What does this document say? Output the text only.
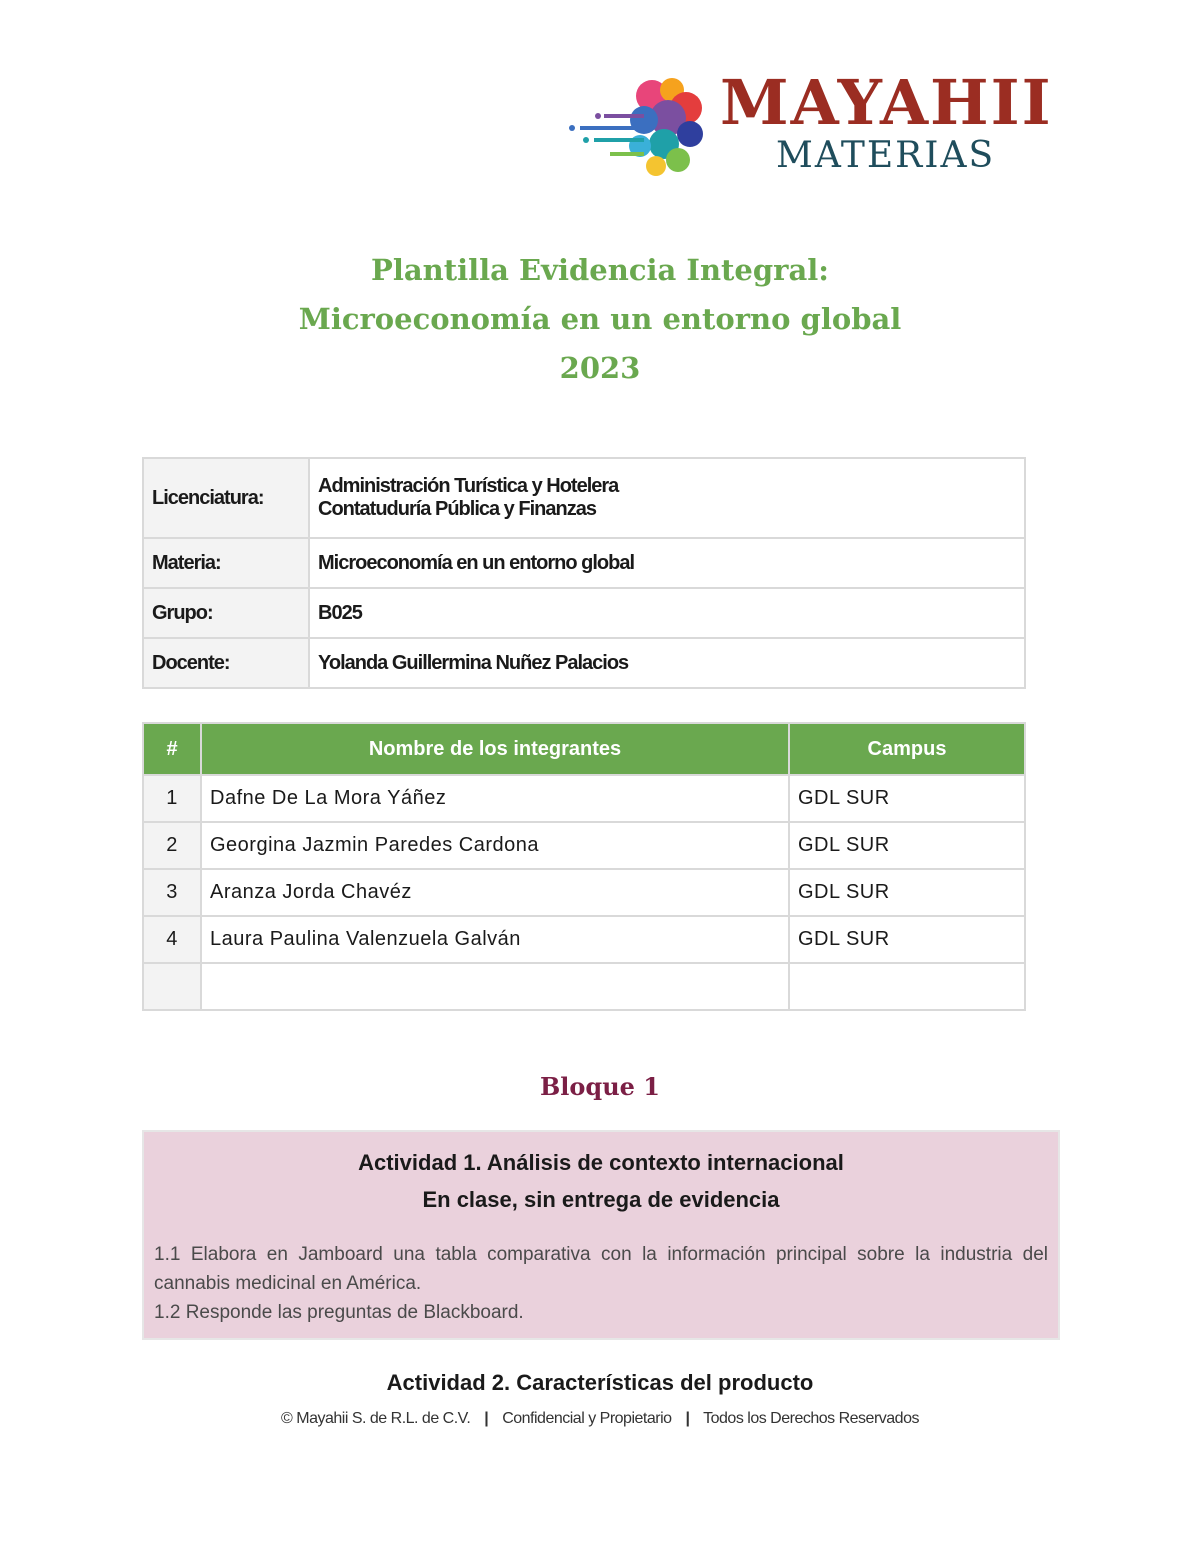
MAYAHII
MATERIAS
Plantilla Evidencia Integral:
Microeconomía en un entorno global
2023
Licenciatura:	Administración Turística y Hotelera
Contatuduría Pública y Finanzas

Materia:	Microeconomía en un entorno global
Grupo:	B025
Docente:	Yolanda Guillermina Nuñez Palacios
#	Nombre de los integrantes	Campus
1	Dafne De La Mora Yáñez	GDL SUR
2	Georgina Jazmin Paredes Cardona	GDL SUR
3	Aranza Jorda Chavéz	GDL SUR
4	Laura Paulina Valenzuela Galván	GDL SUR

Bloque 1
Actividad 1. Análisis de contexto internacional
En clase, sin entrega de evidencia
1.1 Elabora en Jamboard una tabla comparativa con la información principal sobre la industria del cannabis medicinal en América.
1.2 Responde las preguntas de Blackboard.
Actividad 2. Características del producto
© Mayahii S. de R.L. de C.V. | Confidencial y Propietario | Todos los Derechos Reservados
